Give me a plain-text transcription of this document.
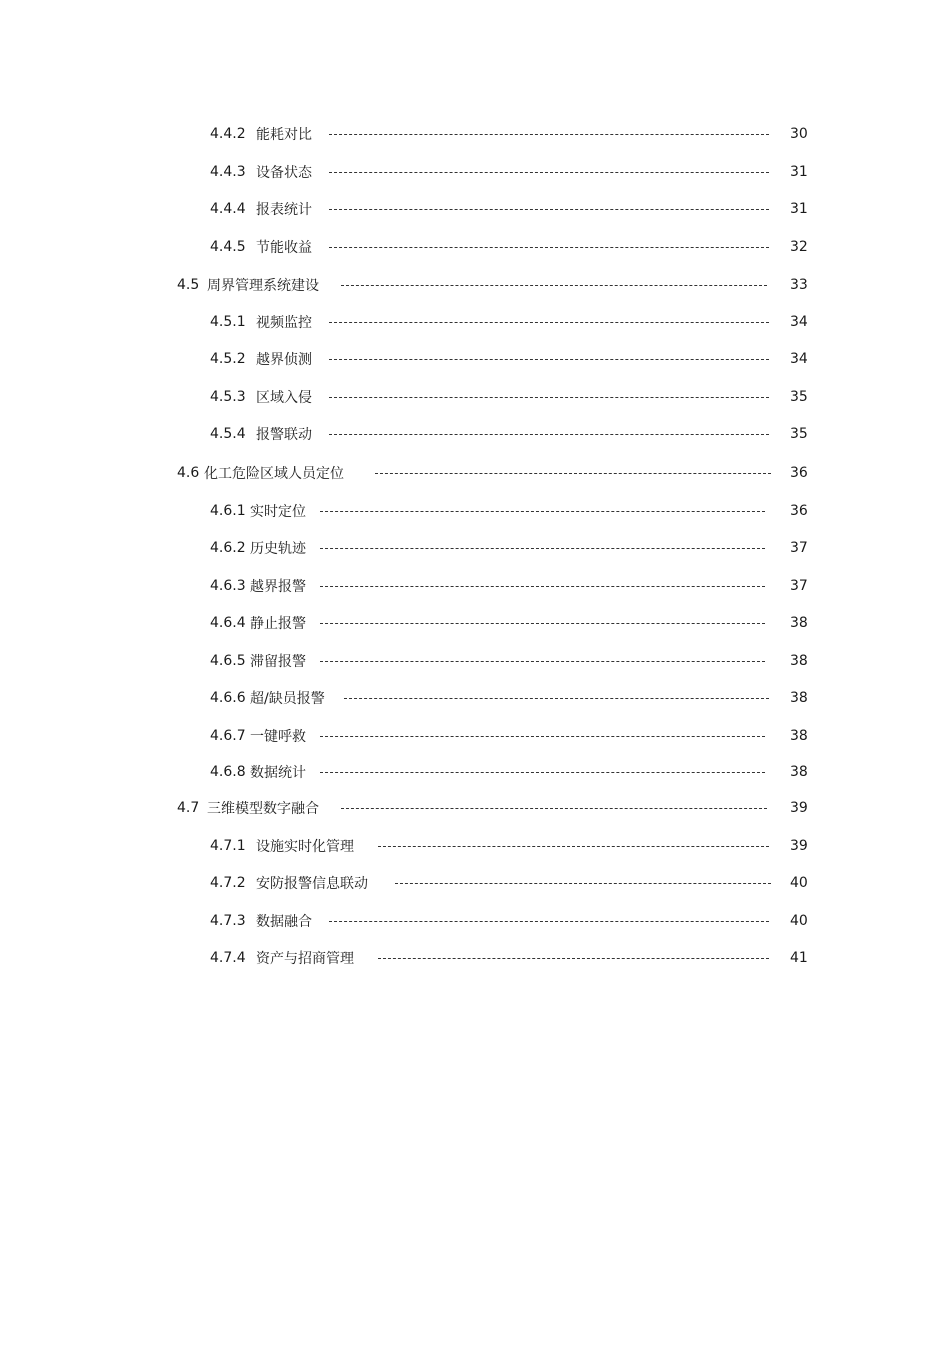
4.4.2 能耗对比	30
4.4.3 设备状态	31
4.4.4 报表统计	31
4.4.5 节能收益	32
4.5 周界管理系统建设	33
4.5.1 视频监控	34
4.5.2 越界侦测	34
4.5.3 区域入侵	35
4.5.4 报警联动	35
4.6 化工危险区域人员定位	36
4.6.1 实时定位	36
4.6.2 历史轨迹	37
4.6.3 越界报警	37
4.6.4 静止报警	38
4.6.5 滞留报警	38
4.6.6 超/缺员报警	38
4.6.7 一键呼救	38
4.6.8 数据统计	38
4.7 三维模型数字融合	39
4.7.1 设施实时化管理	39
4.7.2 安防报警信息联动	40
4.7.3 数据融合	40
4.7.4 资产与招商管理	41
